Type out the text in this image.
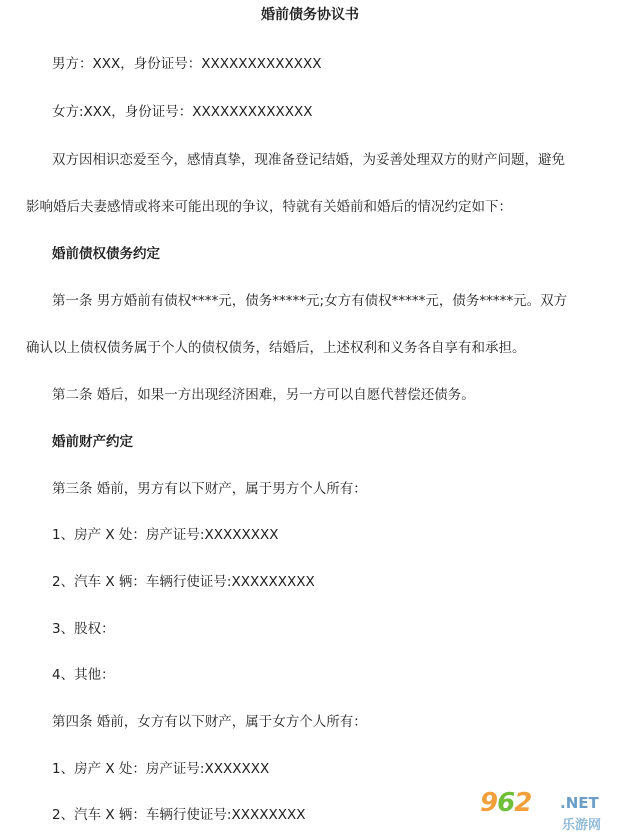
婚前债务协议书
男方：XXX，身份证号：XXXXXXXXXXXXX
女方:XXX，身份证号：XXXXXXXXXXXXX
双方因相识恋爱至今，感情真挚，现准备登记结婚，为妥善处理双方的财产问题，避免
影响婚后夫妻感情或将来可能出现的争议，特就有关婚前和婚后的情况约定如下：
婚前债权债务约定
第一条 男方婚前有债权****元，债务*****元;女方有债权*****元，债务*****元。双方
确认以上债权债务属于个人的债权债务，结婚后，上述权利和义务各自享有和承担。
第二条 婚后，如果一方出现经济困难，另一方可以自愿代替偿还债务。
婚前财产约定
第三条 婚前，男方有以下财产，属于男方个人所有：
1、房产 X 处：房产证号:XXXXXXXX
2、汽车 X 辆：车辆行使证号:XXXXXXXXX
3、股权：
4、其他：
第四条 婚前，女方有以下财产，属于女方个人所有：
1、房产 X 处：房产证号:XXXXXXX
2、汽车 X 辆：车辆行使证号:XXXXXXXX	962 .NET
乐游网
